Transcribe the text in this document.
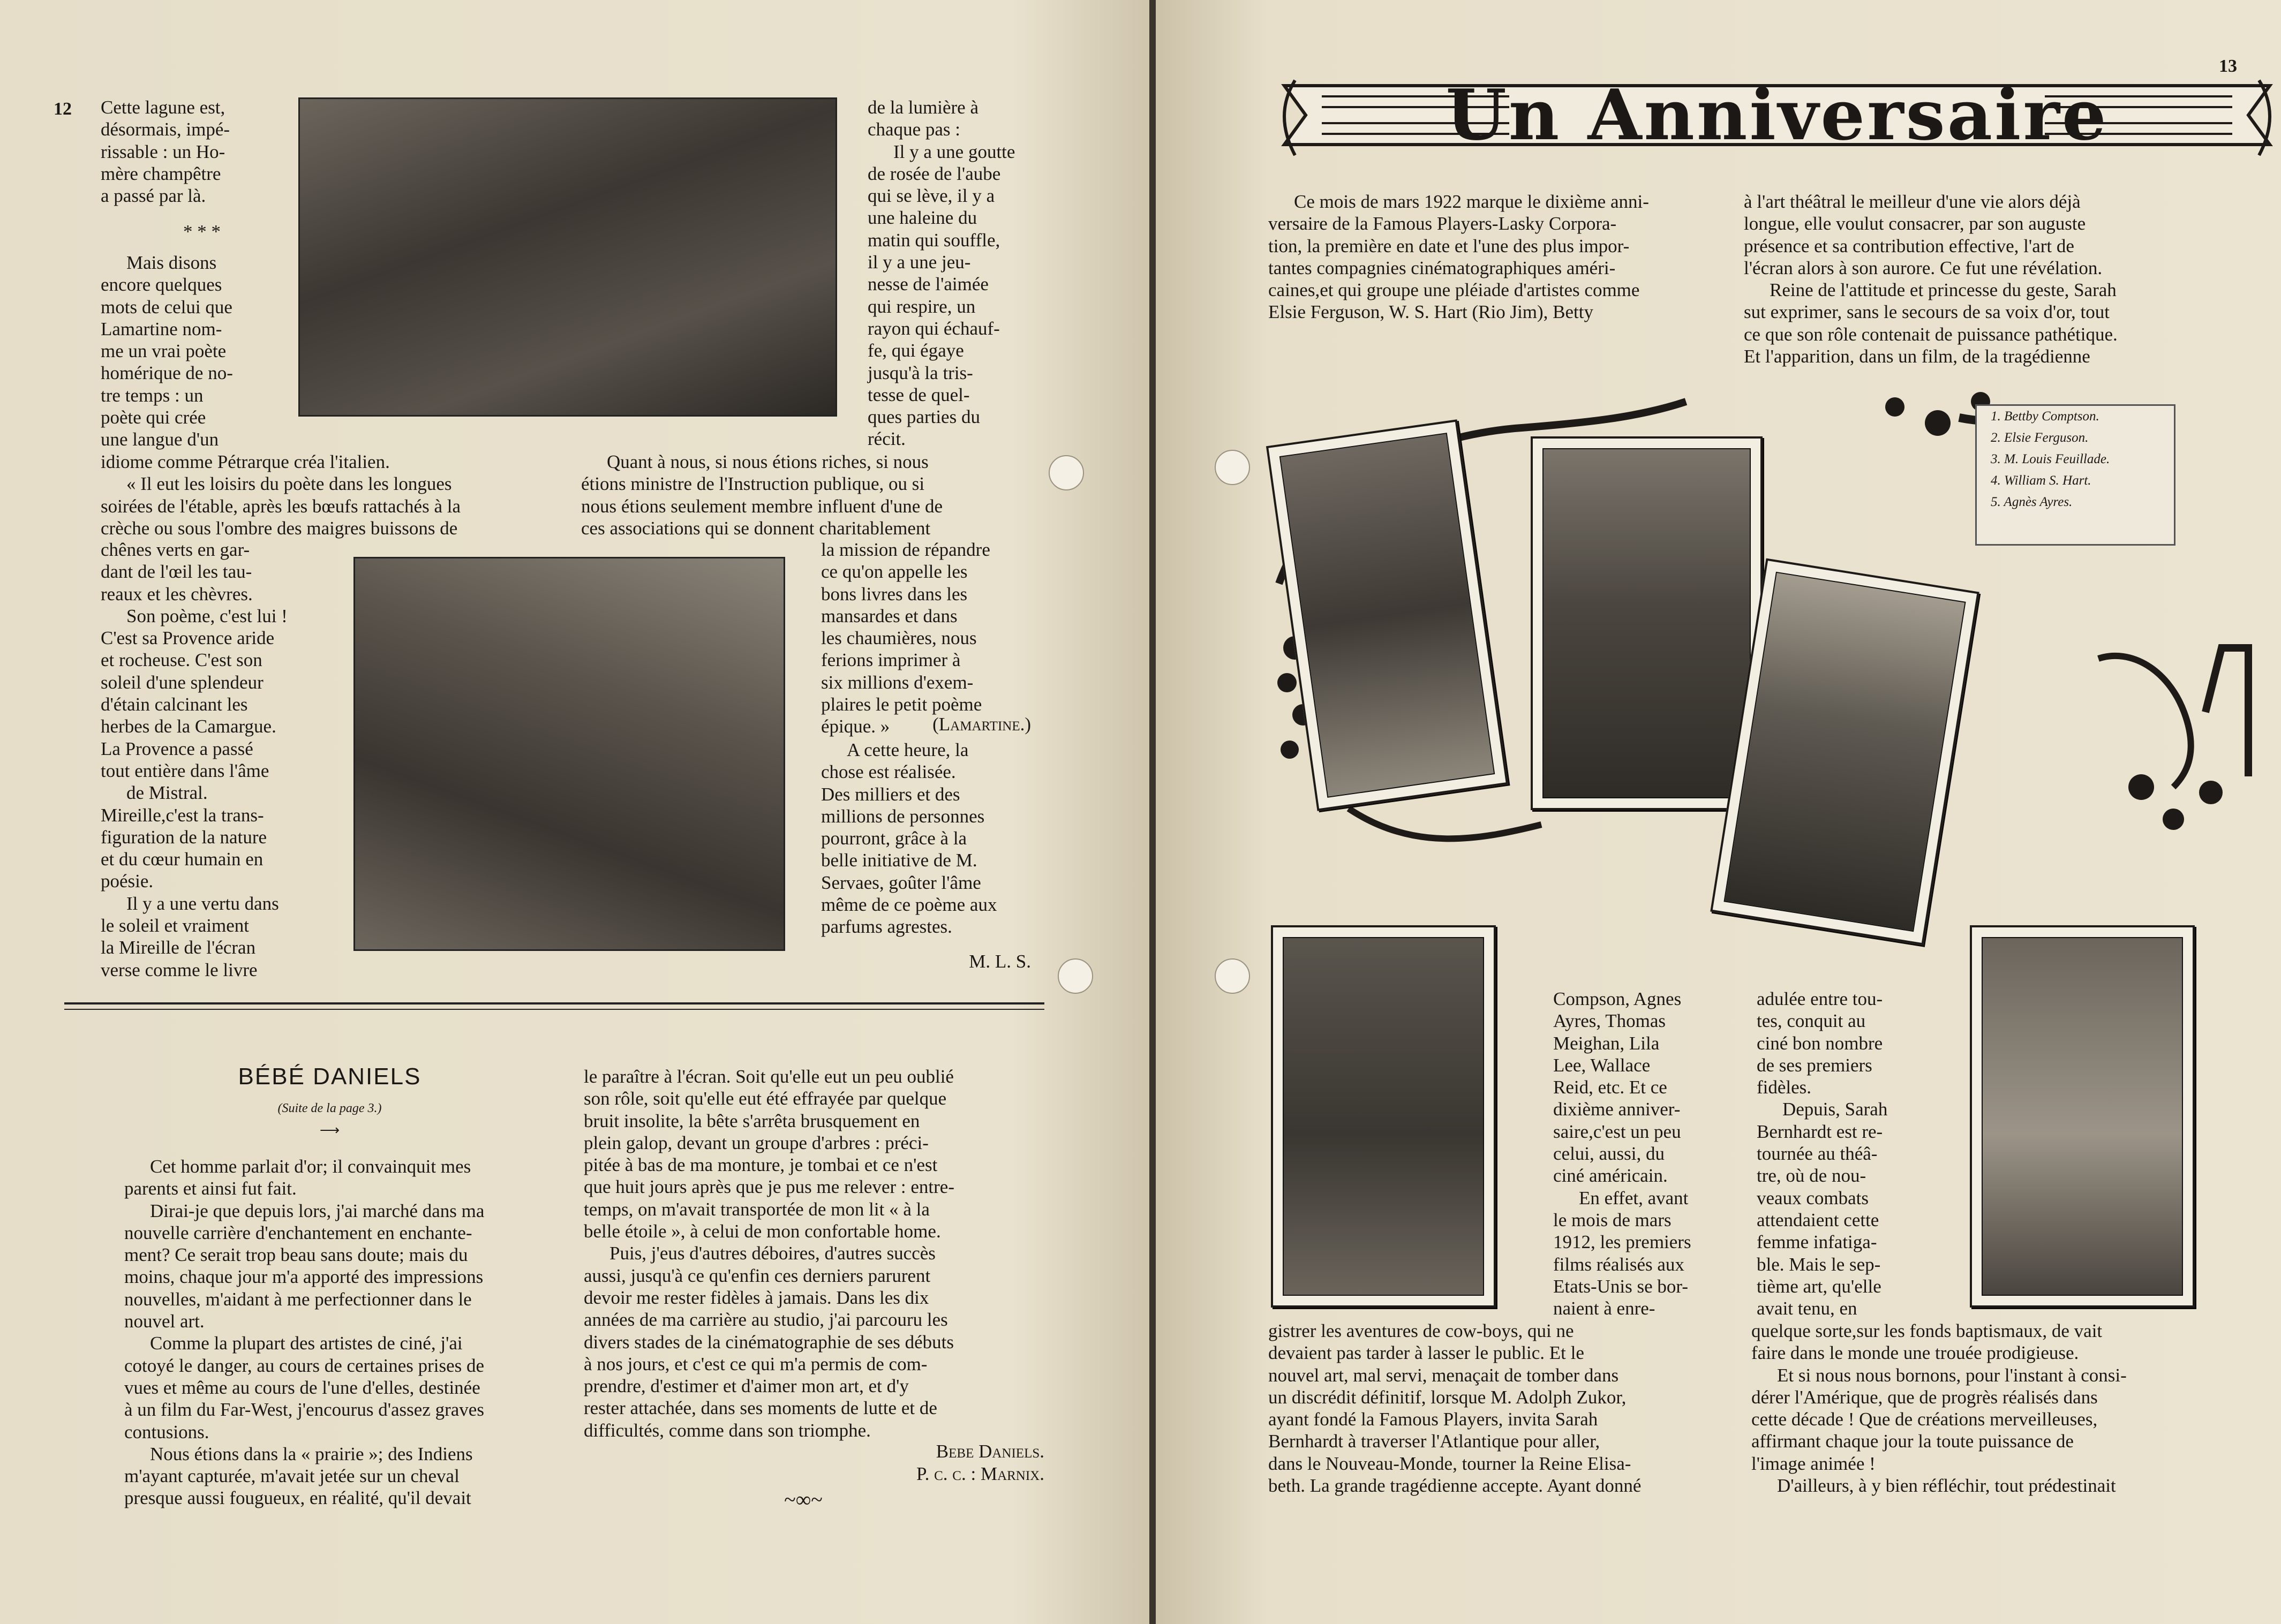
12 Cette lagune est,
désormais, impé-
rissable : un Ho-
mère champêtre
a passé par là.
* * *
Mais disons
encore quelques
mots de celui que
Lamartine nom-
me un vrai poète
homérique de no-
tre temps : un
poète qui crée
une langue d'un
idiome comme Pétrarque créa l'italien.
« Il eut les loisirs du poète dans les longues
soirées de l'étable, après les bœufs rattachés à la
crèche ou sous l'ombre des maigres buissons de
chênes verts en gar-
dant de l'œil les tau-
reaux et les chèvres.
Son poème, c'est lui !
C'est sa Provence aride
et rocheuse. C'est son
soleil d'une splendeur
d'étain calcinant les
herbes de la Camargue.
La Provence a passé
tout entière dans l'âme
de Mistral.
Mireille,c'est la trans-
figuration de la nature
et du cœur humain en
poésie.
Il y a une vertu dans
le soleil et vraiment
la Mireille de l'écran
verse comme le livre
de la lumière à
chaque pas :
Il y a une goutte
de rosée de l'aube
qui se lève, il y a
une haleine du
matin qui souffle,
il y a une jeu-
nesse de l'aimée
qui respire, un
rayon qui échauf-
fe, qui égaye
jusqu'à la tris-
tesse de quel-
ques parties du
récit.
Quant à nous, si nous étions riches, si nous
étions ministre de l'Instruction publique, ou si
nous étions seulement membre influent d'une de
ces associations qui se donnent charitablement
la mission de répandre
ce qu'on appelle les
bons livres dans les
mansardes et dans
les chaumières, nous
ferions imprimer à
six millions d'exem-
plaires le petit poème
épique. »	(Lamartine.)
A cette heure, la
chose est réalisée.
Des milliers et des
millions de personnes
pourront, grâce à la
belle initiative de M.
Servaes, goûter l'âme
même de ce poème aux
parfums agrestes.
M. L. S.
BÉBÉ DANIELS
(Suite de la page 3.)
⟶
Cet homme parlait d'or; il convainquit mes
parents et ainsi fut fait.
Dirai-je que depuis lors, j'ai marché dans ma
nouvelle carrière d'enchantement en enchante-
ment? Ce serait trop beau sans doute; mais du
moins, chaque jour m'a apporté des impressions
nouvelles, m'aidant à me perfectionner dans le
nouvel art.
Comme la plupart des artistes de ciné, j'ai
cotoyé le danger, au cours de certaines prises de
vues et même au cours de l'une d'elles, destinée
à un film du Far-West, j'encourus d'assez graves
contusions.
Nous étions dans la « prairie »; des Indiens
m'ayant capturée, m'avait jetée sur un cheval
presque aussi fougueux, en réalité, qu'il devait
le paraître à l'écran. Soit qu'elle eut un peu oublié
son rôle, soit qu'elle eut été effrayée par quelque
bruit insolite, la bête s'arrêta brusquement en
plein galop, devant un groupe d'arbres : préci-
pitée à bas de ma monture, je tombai et ce n'est
que huit jours après que je pus me relever : entre-
temps, on m'avait transportée de mon lit « à la
belle étoile », à celui de mon confortable home.
Puis, j'eus d'autres déboires, d'autres succès
aussi, jusqu'à ce qu'enfin ces derniers parurent
devoir me rester fidèles à jamais. Dans les dix
années de ma carrière au studio, j'ai parcouru les
divers stades de la cinématographie de ses débuts
à nos jours, et c'est ce qui m'a permis de com-
prendre, d'estimer et d'aimer mon art, et d'y
rester attachée, dans ses moments de lutte et de
difficultés, comme dans son triomphe.
Bebe Daniels.
P. c. c. : Marnix.
~∞~
13
Un Anniversaire
Ce mois de mars 1922 marque le dixième anni-
versaire de la Famous Players-Lasky Corpora-
tion, la première en date et l'une des plus impor-
tantes compagnies cinématographiques améri-
caines,et qui groupe une pléiade d'artistes comme
Elsie Ferguson, W. S. Hart (Rio Jim), Betty
à l'art théâtral le meilleur d'une vie alors déjà
longue, elle voulut consacrer, par son auguste
présence et sa contribution effective, l'art de
l'écran alors à son aurore. Ce fut une révélation.
Reine de l'attitude et princesse du geste, Sarah
sut exprimer, sans le secours de sa voix d'or, tout
ce que son rôle contenait de puissance pathétique.
Et l'apparition, dans un film, de la tragédienne
1. Bettby Comptson.
2. Elsie Ferguson.
3. M. Louis Feuillade.
4. William S. Hart.
5. Agnès Ayres.
Compson, Agnes
Ayres, Thomas
Meighan, Lila
Lee, Wallace
Reid, etc. Et ce
dixième anniver-
saire,c'est un peu
celui, aussi, du
ciné américain.
En effet, avant
le mois de mars
1912, les premiers
films réalisés aux
Etats-Unis se bor-
naient à enre-
adulée entre tou-
tes, conquit au
ciné bon nombre
de ses premiers
fidèles.
Depuis, Sarah
Bernhardt est re-
tournée au théâ-
tre, où de nou-
veaux combats
attendaient cette
femme infatiga-
ble. Mais le sep-
tième art, qu'elle
avait tenu, en
gistrer les aventures de cow-boys, qui ne
devaient pas tarder à lasser le public. Et le
nouvel art, mal servi, menaçait de tomber dans
un discrédit définitif, lorsque M. Adolph Zukor,
ayant fondé la Famous Players, invita Sarah
Bernhardt à traverser l'Atlantique pour aller,
dans le Nouveau-Monde, tourner la Reine Elisa-
beth. La grande tragédienne accepte. Ayant donné
quelque sorte,sur les fonds baptismaux, de vait
faire dans le monde une trouée prodigieuse.
Et si nous nous bornons, pour l'instant à consi-
dérer l'Amérique, que de progrès réalisés dans
cette décade ! Que de créations merveilleuses,
affirmant chaque jour la toute puissance de
l'image animée !
D'ailleurs, à y bien réfléchir, tout prédestinait
